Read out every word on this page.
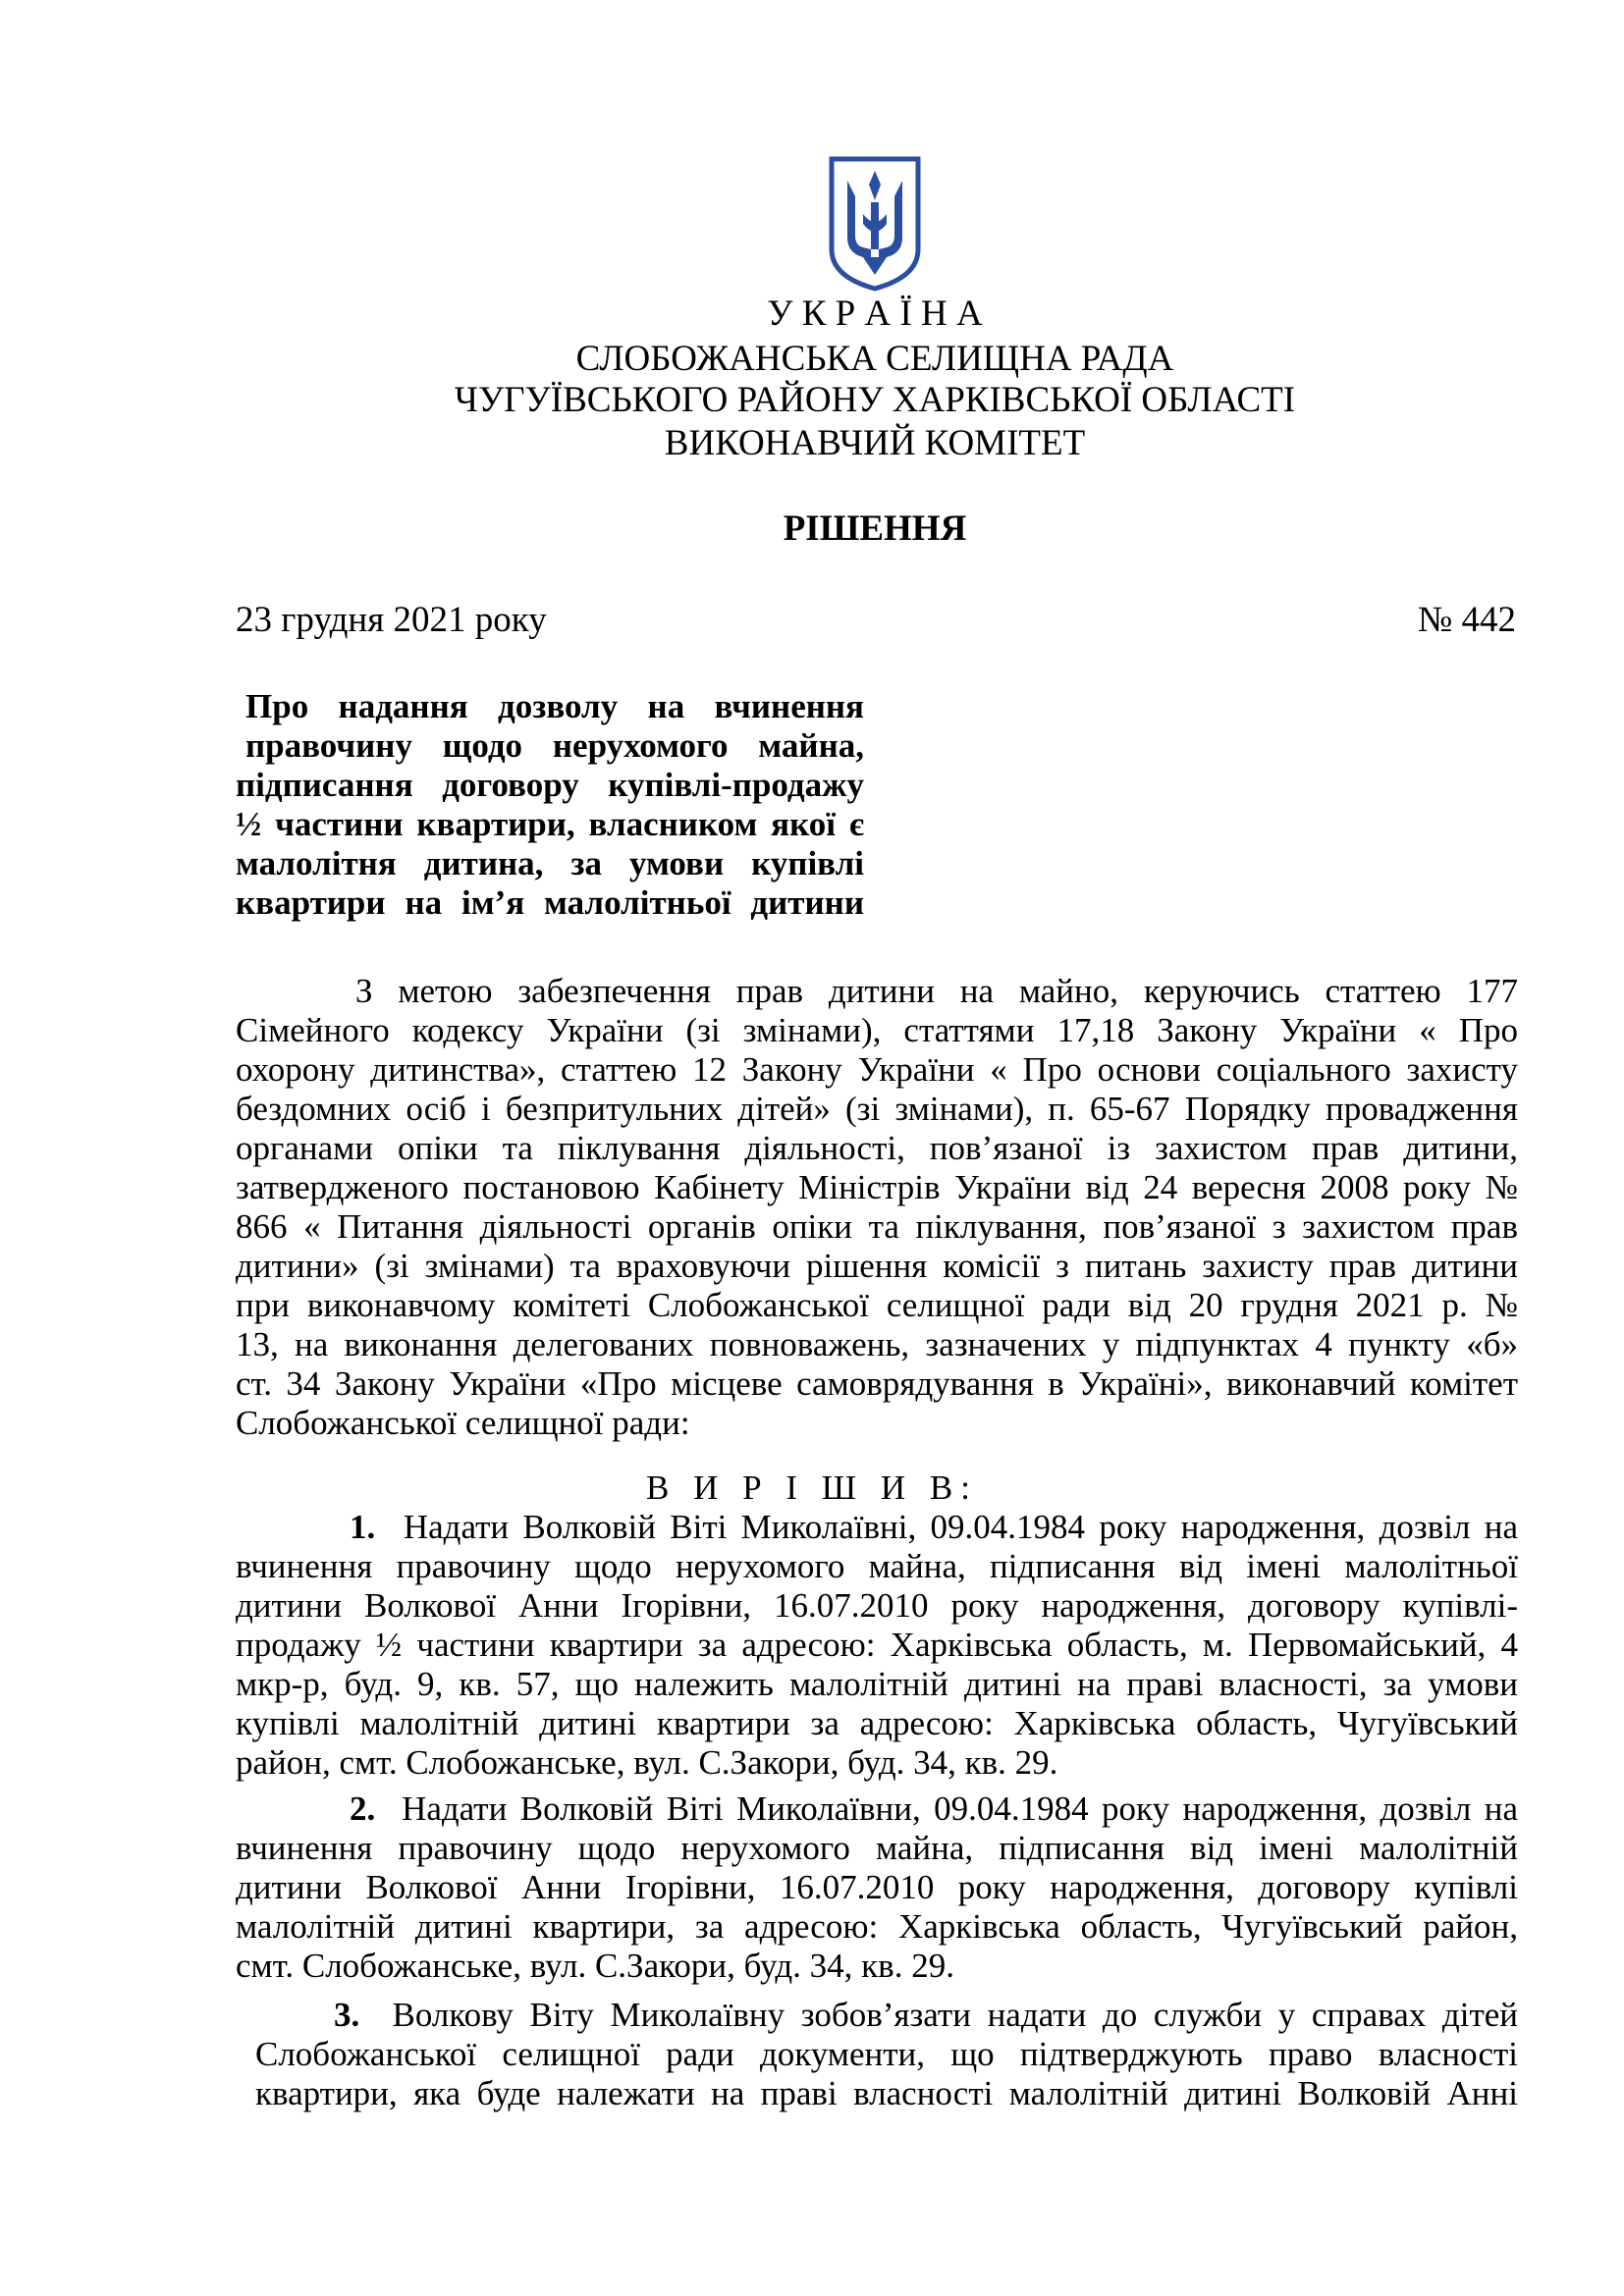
У К Р А Ї Н А
СЛОБОЖАНСЬКА СЕЛИЩНА РАДА
ЧУГУЇВСЬКОГО РАЙОНУ ХАРКІВСЬКОЇ ОБЛАСТІ
ВИКОНАВЧИЙ КОМІТЕТ
РІШЕННЯ
23 грудня 2021 року	№ 442
Про надання дозволу на вчинення
правочину щодо нерухомого майна,
підписання договору купівлі-продажу
½ частини квартири, власником якої є
малолітня дитина, за умови купівлі
квартири на ім’я малолітньої дитини
З метою забезпечення прав дитини на майно, керуючись статтею 177
Сімейного кодексу України (зі змінами), статтями 17,18 Закону України « Про
охорону дитинства», статтею 12 Закону України « Про основи соціального захисту
бездомних осіб і безпритульних дітей» (зі змінами), п. 65-67 Порядку провадження
органами опіки та піклування діяльності, пов’язаної із захистом прав дитини,
затвердженого постановою Кабінету Міністрів України від 24 вересня 2008 року №
866 « Питання діяльності органів опіки та піклування, пов’язаної з захистом прав
дитини» (зі змінами) та враховуючи рішення комісії з питань захисту прав дитини
при виконавчому комітеті Слобожанської селищної ради від 20 грудня 2021 р. №
13, на виконання делегованих повноважень, зазначених у підпунктах 4 пункту «б»
ст. 34 Закону України «Про місцеве самоврядування в Україні», виконавчий комітет
Слобожанської селищної ради:
В И Р І Ш И В:
1. Надати Волковій Віті Миколаївні, 09.04.1984 року народження, дозвіл на
вчинення правочину щодо нерухомого майна, підписання від імені малолітньої
дитини Волкової Анни Ігорівни, 16.07.2010 року народження, договору купівлі-
продажу ½ частини квартири за адресою: Харківська область, м. Первомайський, 4
мкр-р, буд. 9, кв. 57, що належить малолітній дитині на праві власності, за умови
купівлі малолітній дитині квартири за адресою: Харківська область, Чугуївський
район, смт. Слобожанське, вул. С.Закори, буд. 34, кв. 29.
2. Надати Волковій Віті Миколаївни, 09.04.1984 року народження, дозвіл на
вчинення правочину щодо нерухомого майна, підписання від імені малолітній
дитини Волкової Анни Ігорівни, 16.07.2010 року народження, договору купівлі
малолітній дитині квартири, за адресою: Харківська область, Чугуївський район,
смт. Слобожанське, вул. С.Закори, буд. 34, кв. 29.
3. Волкову Віту Миколаївну зобов’язати надати до служби у справах дітей
Слобожанської селищної ради документи, що підтверджують право власності
квартири, яка буде належати на праві власності малолітній дитині Волковій Анні
